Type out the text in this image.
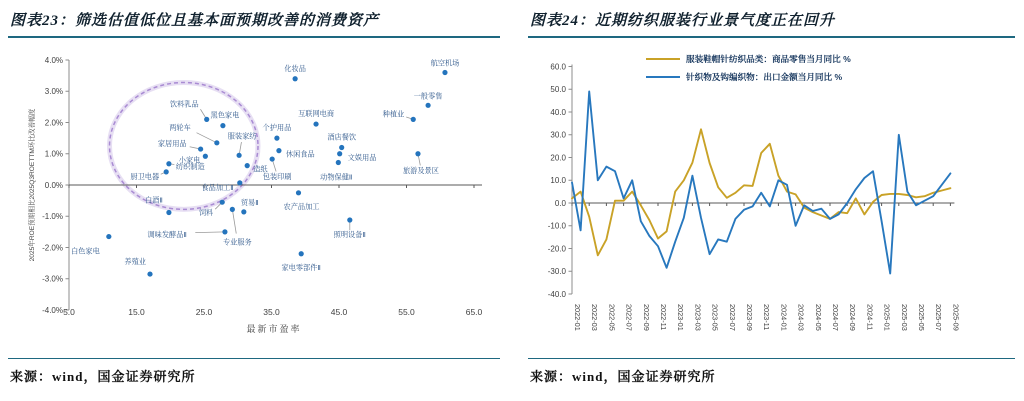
图表23：筛选估值低位且基本面预期改善的消费资产
2025年ROE预期相比2025Q3ROETTM环比改善幅度
最新市盈率
4.0%
3.0%
2.0%
1.0%
0.0%
-1.0%
-2.0%
-3.0%
-4.0% 5.0	15.0	25.0	35.0	45.0	55.0	65.0
饮料乳品
黑色家电
两轮车
家居用品
服装家纺
小家电
造纸
纺织制造
厨卫电器
休闲食品
包装印刷
个护用品
互联网电商
化妆品
航空机场
一般零售
种植业
酒店餐饮
文娱用品
动物保健Ⅱ
旅游及景区
食品加工Ⅱ
农产品加工
白酒Ⅱ
饲料
贸易Ⅱ
调味发酵品Ⅱ
专业服务
白色家电
养殖业
照明设备Ⅱ
家电零部件Ⅱ
来源：wind，国金证券研究所
图表24：近期纺织服装行业景气度正在回升
60.0
50.0
40.0
30.0
20.0
10.0
0.0
-10.0
-20.0
-30.0
-40.0
2022-01 2022-03 2022-05 2022-07 2022-09 2022-11 2023-01 2023-03 2023-05 2023-07 2023-09 2023-11 2024-01 2024-03 2024-05 2024-07 2024-09 2024-11 2025-01 2025-03 2025-05 2025-07 2025-09
服装鞋帽针纺织品类：商品零售当月同比 %
针织物及钩编织物：出口金额当月同比 %
来源：wind，国金证券研究所
